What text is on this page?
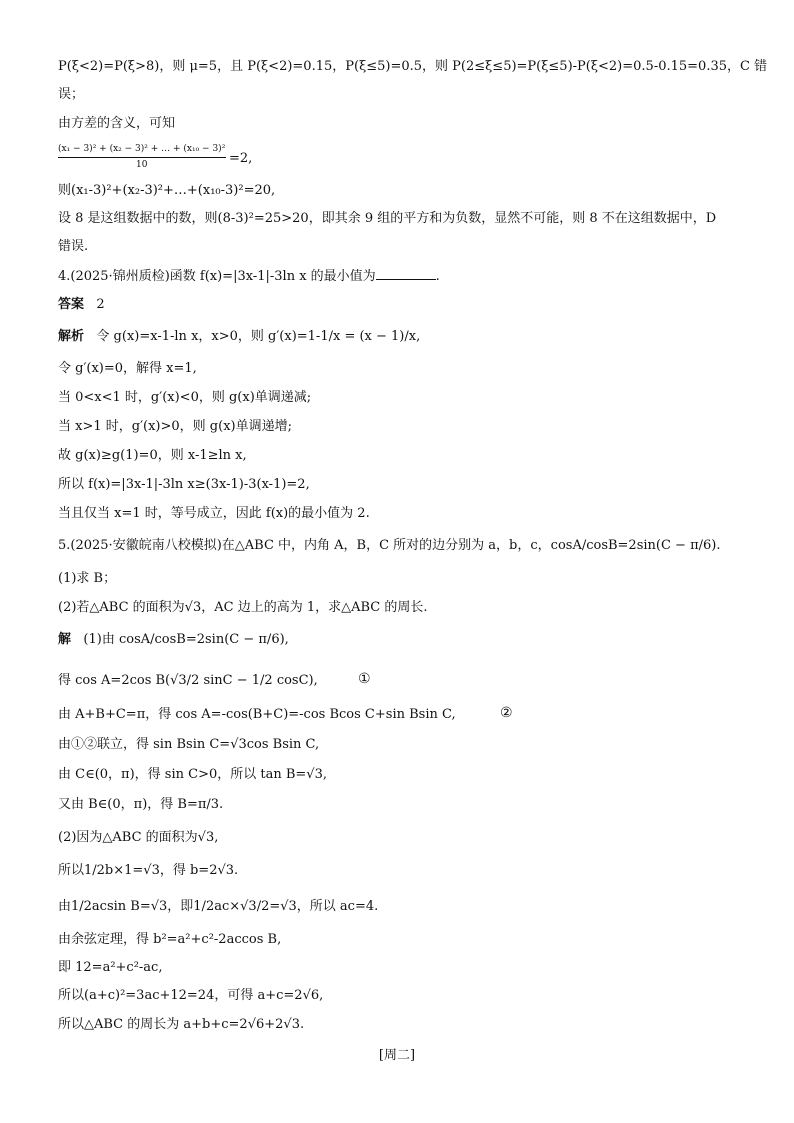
P(ξ<2)=P(ξ>8)，则 μ=5，且 P(ξ<2)=0.15，P(ξ≤5)=0.5，则 P(2≤ξ≤5)=P(ξ≤5)-P(ξ<2)=0.5-0.15=0.35，C 错
误；
由方差的含义，可知
(x₁ − 3)² + (x₂ − 3)² + … + (x₁₀ − 3)²
10	=2,
则(x₁-3)²+(x₂-3)²+…+(x₁₀-3)²=20,
设 8 是这组数据中的数，则(8-3)²=25>20，即其余 9 组的平方和为负数，显然不可能，则 8 不在这组数据中，D
错误.
4.(2025·锦州质检)函数 f(x)=|3x-1|-3ln x 的最小值为	.
答案 2
解析 令 g(x)=x-1-ln x，x>0，则 g′(x)=1-1/x = (x − 1)/x,
令 g′(x)=0，解得 x=1,
当 0<x<1 时，g′(x)<0，则 g(x)单调递减;
当 x>1 时，g′(x)>0，则 g(x)单调递增;
故 g(x)≥g(1)=0，则 x-1≥ln x,
所以 f(x)=|3x-1|-3ln x≥(3x-1)-3(x-1)=2,
当且仅当 x=1 时，等号成立，因此 f(x)的最小值为 2.
5.(2025·安徽皖南八校模拟)在△ABC 中，内角 A，B，C 所对的边分别为 a，b，c，cosA/cosB=2sin(C − π/6).
(1)求 B；
(2)若△ABC 的面积为√3，AC 边上的高为 1，求△ABC 的周长.
解 (1)由 cosA/cosB=2sin(C − π/6),
得 cos A=2cos B(√3/2 sinC − 1/2 cosC),	①
由 A+B+C=π，得 cos A=-cos(B+C)=-cos Bcos C+sin Bsin C,	②
由①②联立，得 sin Bsin C=√3cos Bsin C,
由 C∈(0，π)，得 sin C>0，所以 tan B=√3,
又由 B∈(0，π)，得 B=π/3.
(2)因为△ABC 的面积为√3,
所以1/2b×1=√3，得 b=2√3.
由1/2acsin B=√3，即1/2ac×√3/2=√3，所以 ac=4.
由余弦定理，得 b²=a²+c²-2accos B,
即 12=a²+c²-ac,
所以(a+c)²=3ac+12=24，可得 a+c=2√6,
所以△ABC 的周长为 a+b+c=2√6+2√3.
[周二]
